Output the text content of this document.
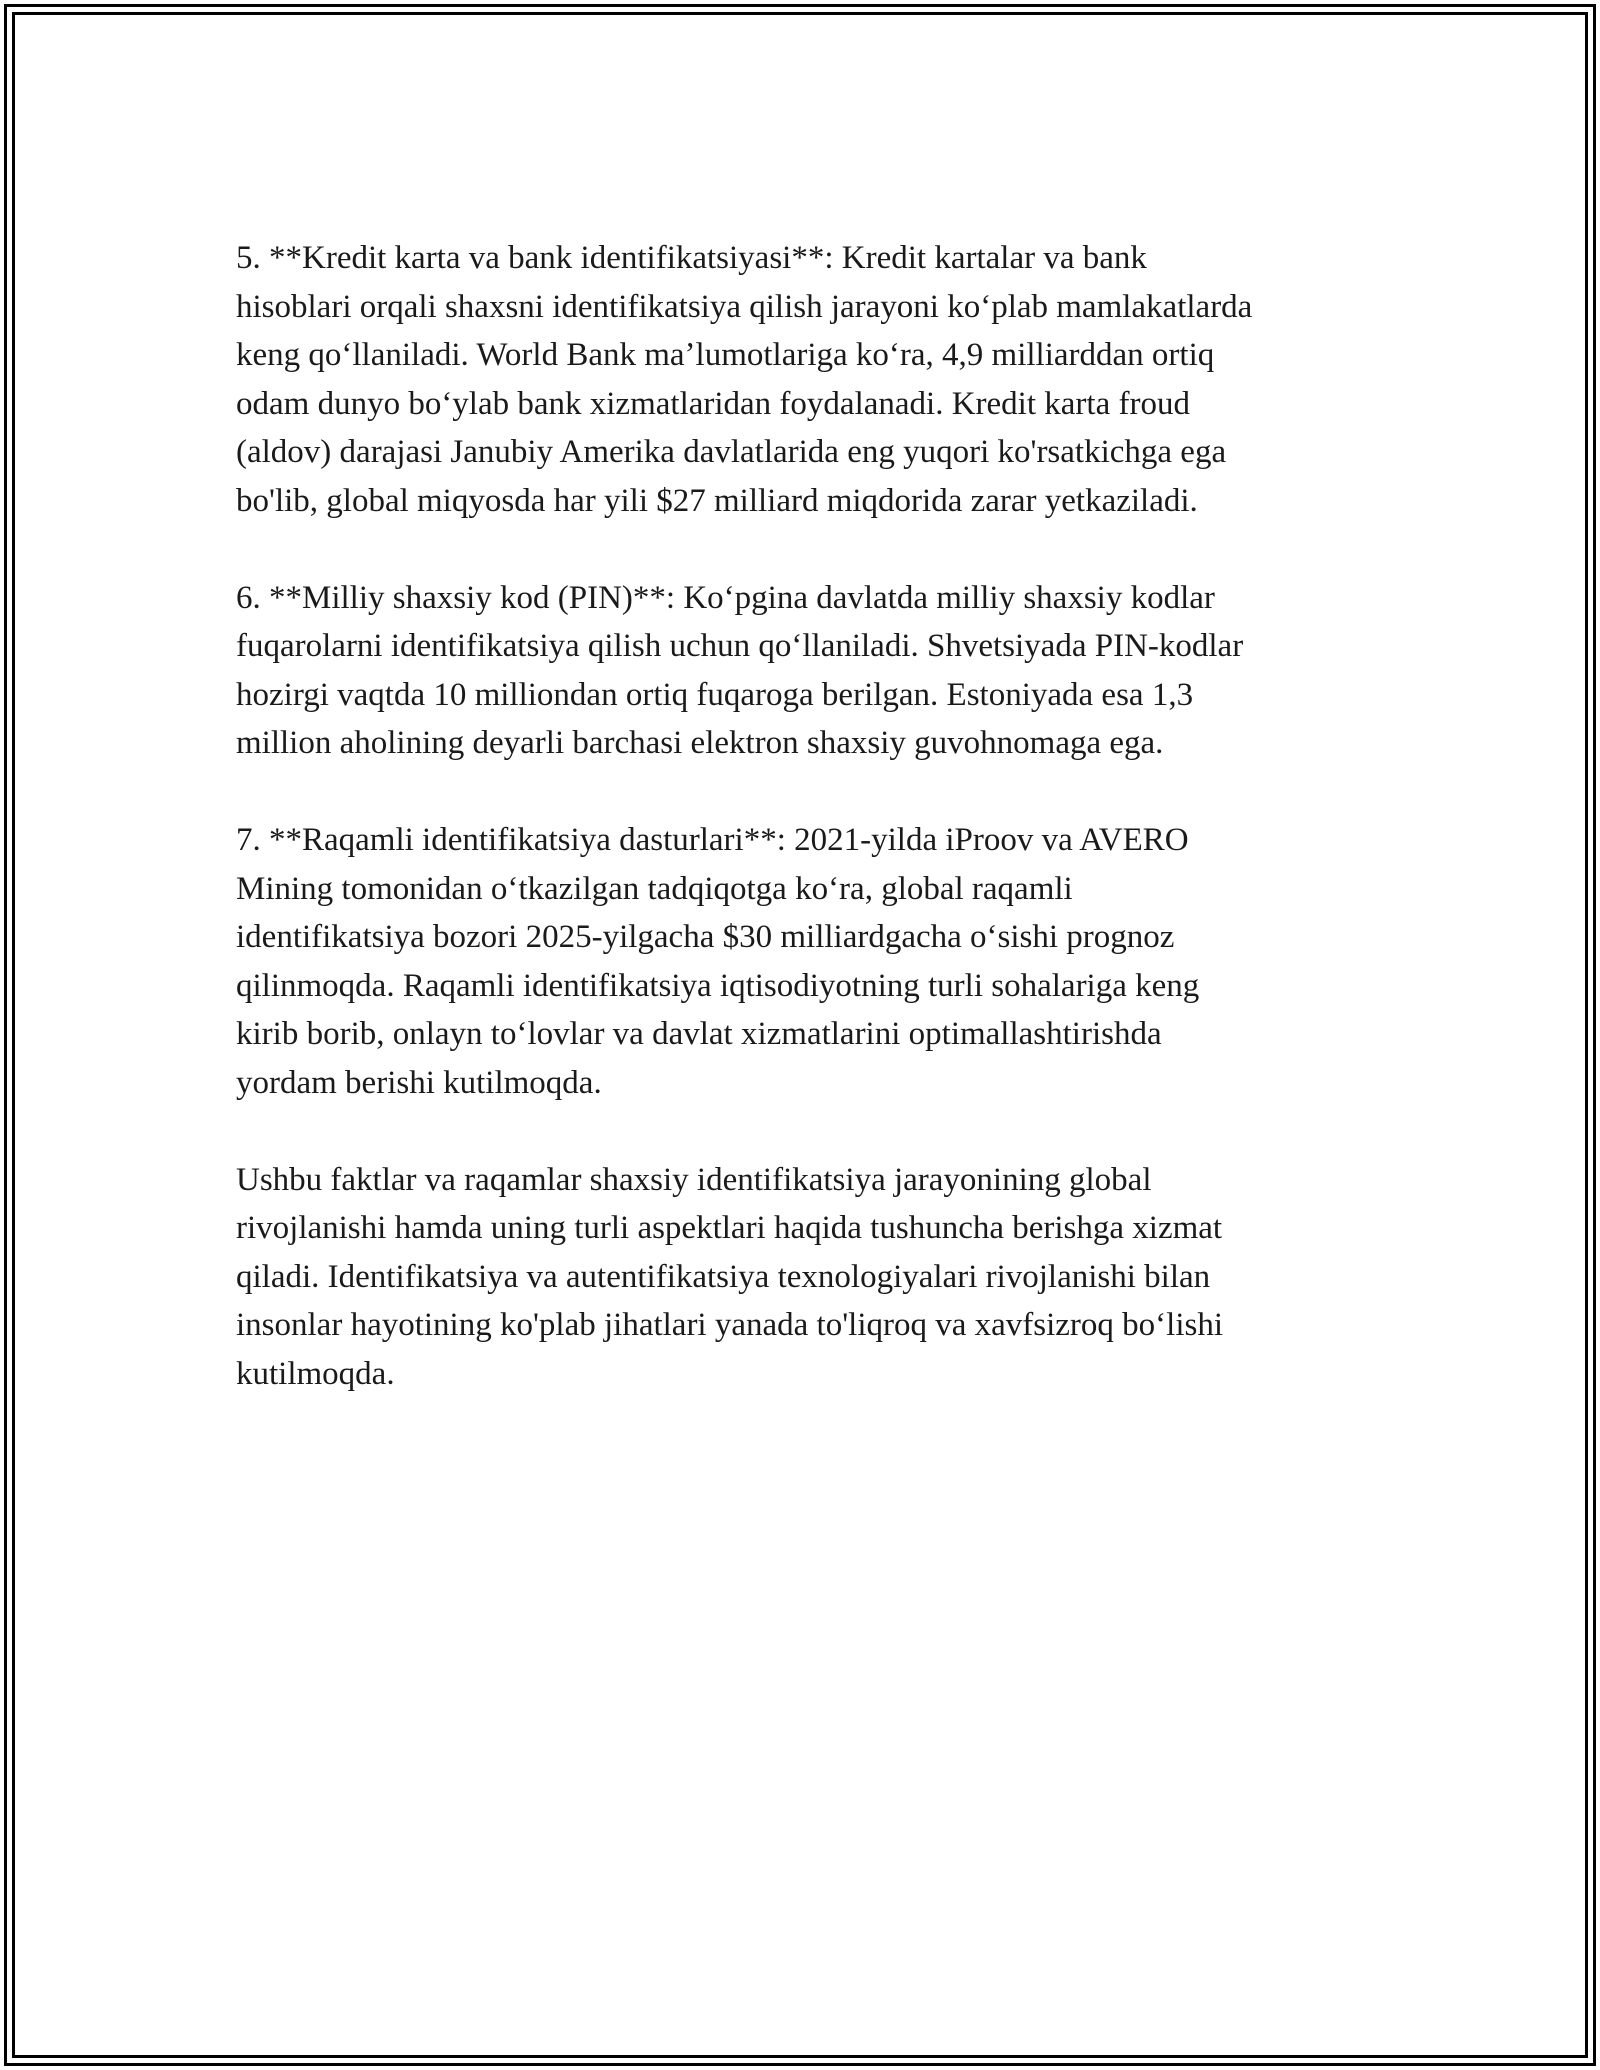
5. **Kredit karta va bank identifikatsiyasi**: Kredit kartalar va bank
hisoblari orqali shaxsni identifikatsiya qilish jarayoni koʻplab mamlakatlarda
keng qoʻllaniladi. World Bank maʼlumotlariga koʻra, 4,9 milliarddan ortiq
odam dunyo boʻylab bank xizmatlaridan foydalanadi. Kredit karta froud
(aldov) darajasi Janubiy Amerika davlatlarida eng yuqori ko'rsatkichga ega
bo'lib, global miqyosda har yili $27 milliard miqdorida zarar yetkaziladi.

6. **Milliy shaxsiy kod (PIN)**: Koʻpgina davlatda milliy shaxsiy kodlar
fuqarolarni identifikatsiya qilish uchun qoʻllaniladi. Shvetsiyada PIN-kodlar
hozirgi vaqtda 10 milliondan ortiq fuqaroga berilgan. Estoniyada esa 1,3
million aholining deyarli barchasi elektron shaxsiy guvohnomaga ega.

7. **Raqamli identifikatsiya dasturlari**: 2021-yilda iProov va AVERO
Mining tomonidan oʻtkazilgan tadqiqotga koʻra, global raqamli
identifikatsiya bozori 2025-yilgacha $30 milliardgacha oʻsishi prognoz
qilinmoqda. Raqamli identifikatsiya iqtisodiyotning turli sohalariga keng
kirib borib, onlayn toʻlovlar va davlat xizmatlarini optimallashtirishda
yordam berishi kutilmoqda.

Ushbu faktlar va raqamlar shaxsiy identifikatsiya jarayonining global
rivojlanishi hamda uning turli aspektlari haqida tushuncha berishga xizmat
qiladi. Identifikatsiya va autentifikatsiya texnologiyalari rivojlanishi bilan
insonlar hayotining ko'plab jihatlari yanada to'liqroq va xavfsizroq boʻlishi
kutilmoqda.
